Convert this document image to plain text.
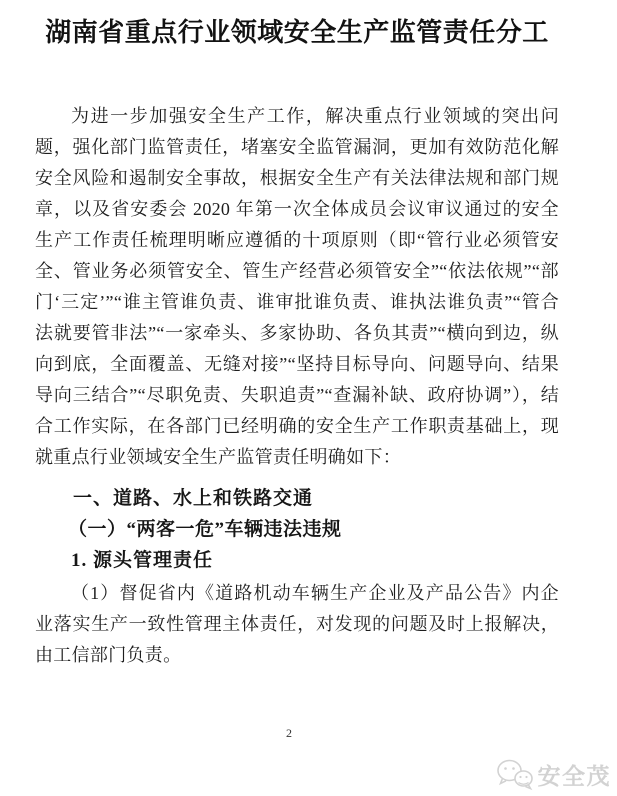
湖南省重点行业领域安全生产监管责任分工
为进一步加强安全生产工作，解决重点行业领域的突出问
题，强化部门监管责任，堵塞安全监管漏洞，更加有效防范化解
安全风险和遏制安全事故，根据安全生产有关法律法规和部门规
章，以及省安委会 2020 年第一次全体成员会议审议通过的安全
生产工作责任梳理明晰应遵循的十项原则（即“管行业必须管安
全、管业务必须管安全、管生产经营必须管安全”“依法依规”“部
门‘三定’”“谁主管谁负责、谁审批谁负责、谁执法谁负责”“管合
法就要管非法”“一家牵头、多家协助、各负其责”“横向到边，纵
向到底，全面覆盖、无缝对接”“坚持目标导向、问题导向、结果
导向三结合”“尽职免责、失职追责”“查漏补缺、政府协调”），结
合工作实际，在各部门已经明确的安全生产工作职责基础上，现
就重点行业领域安全生产监管责任明确如下：
一、道路、水上和铁路交通
（一）“两客一危”车辆违法违规
1. 源头管理责任
（1）督促省内《道路机动车辆生产企业及产品公告》内企
业落实生产一致性管理主体责任，对发现的问题及时上报解决，
由工信部门负责。
2
安全茂
